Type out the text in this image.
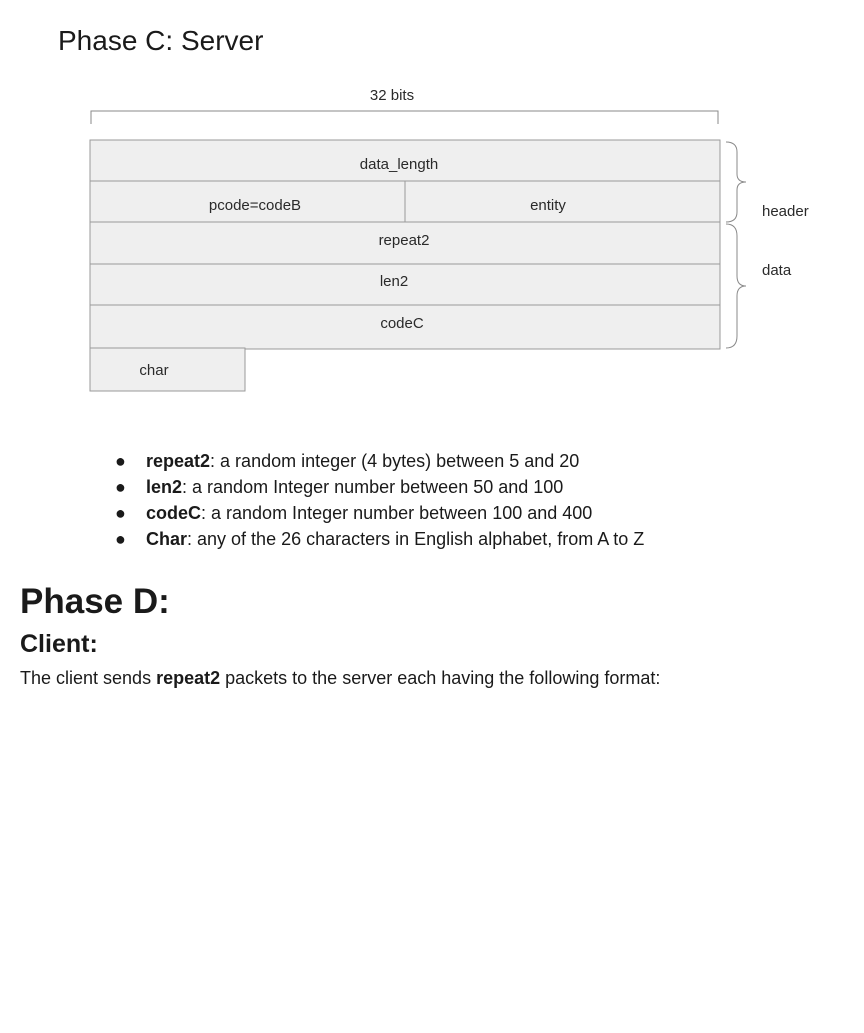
Phase C: Server
32 bits
data_length
pcode=codeB	entity
repeat2
len2
codeC
char
header
data
● repeat2: a random integer (4 bytes) between 5 and 20
● len2: a random Integer number between 50 and 100
● codeC: a random Integer number between 100 and 400
● Char: any of the 26 characters in English alphabet, from A to Z
Phase D:
Client:

The client sends repeat2 packets to the server each having the following format:
